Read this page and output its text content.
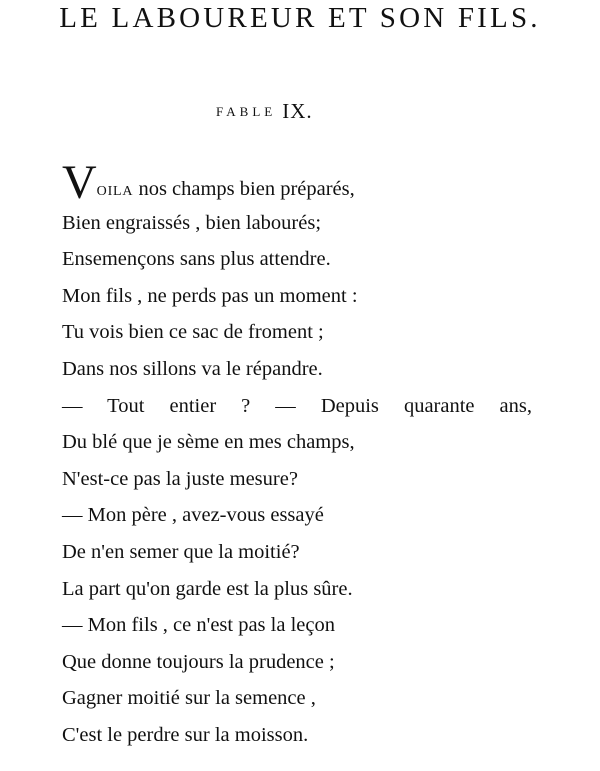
LE LABOUREUR ET SON FILS.
FABLE IX.
VOILA nos champs bien préparés,
Bien engraissés , bien labourés;
Ensemençons sans plus attendre.
Mon fils , ne perds pas un moment :
Tu vois bien ce sac de froment ;
Dans nos sillons va le répandre.
— Tout entier ? — Depuis quarante ans,
Du blé que je sème en mes champs,
N'est-ce pas la juste mesure?
— Mon père , avez-vous essayé
De n'en semer que la moitié?
La part qu'on garde est la plus sûre.
— Mon fils , ce n'est pas la leçon
Que donne toujours la prudence ;
Gagner moitié sur la semence ,
C'est le perdre sur la moisson.
